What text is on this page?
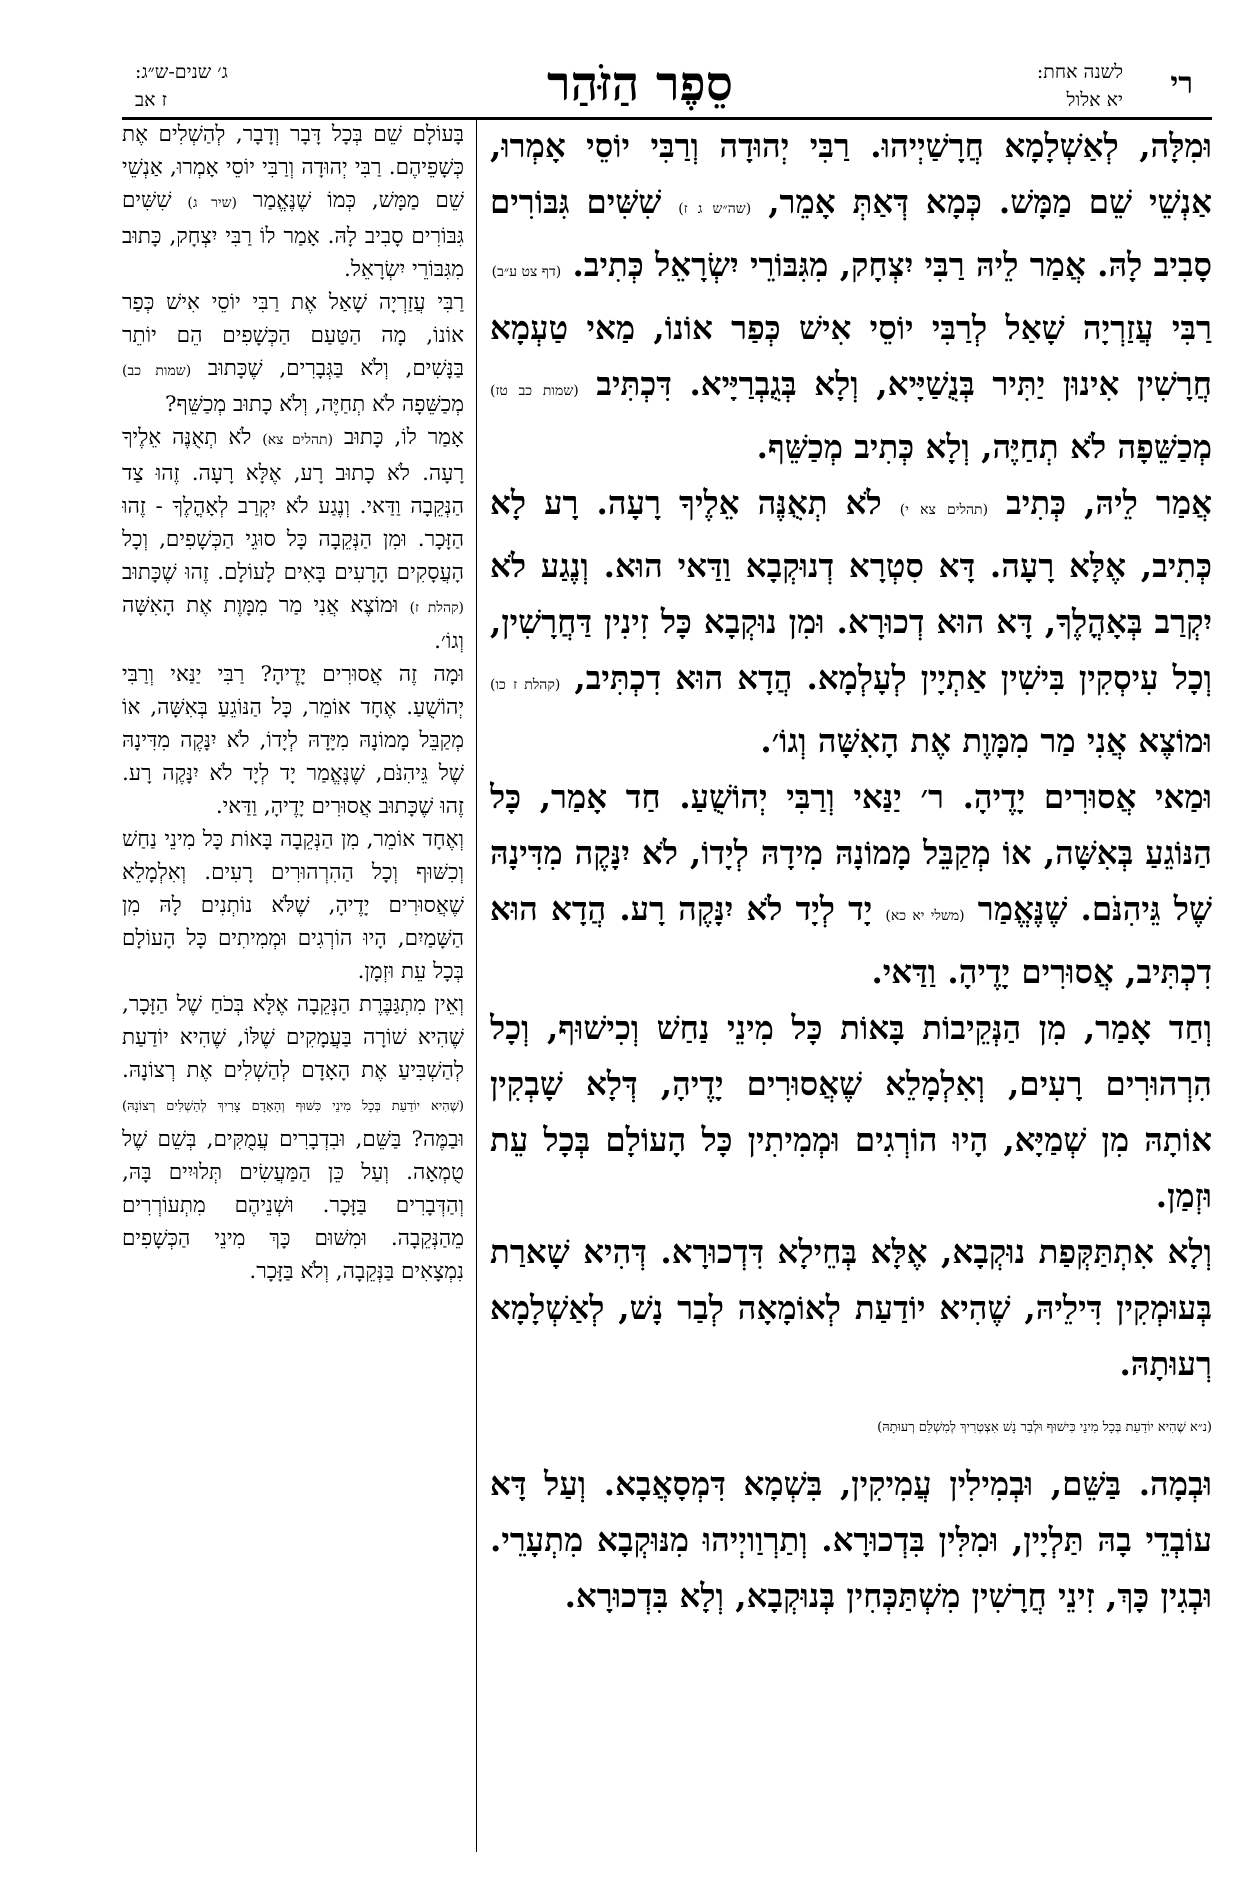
רי
לשנה אחת:
יא אלול
סֵפֶר הַזֹּהַר
ג׳ שנים-ש״ג:
ז אב

וּמִלָּה, לְאַשְׁלָמָא חֲרָשַׁיְיהוּ. רַבִּי יְהוּדָה וְרַבִּי יוֹסֵי אָמְרוּ, אַנְשֵׁי שֵׁם מַמָּשׁ. כְּמָא דְּאַתְּ אָמֵר, (שה״ש ג ז) שִׁשִּׁים גִּבּוֹרִים סָבִיב לָהּ. אֲמַר לֵיהּ רַבִּי יִצְחָק, מִגִּבּוֹרֵי יִשְׂרָאֵל כְּתִיב. (דף צט ע״ב)

רַבִּי עֲזַרְיָה שָׁאַל לְרַבִּי יוֹסֵי אִישׁ כְּפַר אוֹנוֹ, מַאי טַעְמָא חֲרָשִׁין אִינוּן יַתִּיר בְּנֻשַׁיָּיא, וְלָא בְּגֻבְרַיָּיא. דִּכְתִּיב (שמות כב טז) מְכַשֵּׁפָה לֹא תְחַיֶּה, וְלָא כְּתִיב מְכַשֵּׁף.

אֲמַר לֵיהּ, כְּתִיב (תהלים צא י) לֹא תְאֻנֶּה אֵלֶיךָ רָעָה. רָע לָא כְּתִיב, אֶלָּא רָעָה. דָּא סִטְרָא דְנוּקְבָא וַדַּאי הוּא. וְנֶגַע לֹא יִקְרַב בְּאָהֳלֶךָ, דָּא הוּא דְכוּרָא. וּמִן נוּקְבָא כָּל זִינִין דַּחֲרָשִׁין, וְכָל עִיסְקִין בִּישִׁין אַתְיָין לְעָלְמָא. הֲדָא הוּא דִכְתִּיב, (קהלת ז כו) וּמוֹצֶא אֲנִי מַר מִמָּוֶת אֶת הָאִשָּׁה וְגוֹ׳.

וּמַאי אֲסוּרִים יָדֶיהָ. ר׳ יַנַּאי וְרַבִּי יְהוֹשֻׁעַ. חַד אָמַר, כָּל הַנּוֹגֵעַ בְּאִשָּׁה, אוֹ מְקַבֵּל מָמוֹנָהּ מִידָהּ לְיָדוֹ, לֹא יִנָּקֶה מִדִּינָהּ שֶׁל גֵּיהִנֹּם. שֶׁנֶּאֱמַר (משלי יא כא) יָד לְיָד לֹא יִנָּקֶה רָע. הֲדָא הוּא דִכְתִּיב, אֲסוּרִים יָדֶיהָ. וַדַּאי.

וְחַד אָמַר, מִן הַנְּקֵיבוֹת בָּאוֹת כָּל מִינֵי נַחַשׁ וְכִישׁוּף, וְכָל הִרְהוּרִים רָעִים, וְאִלְמָלֵא שֶׁאֲסוּרִים יָדֶיהָ, דְּלָא שָׁבְקִין אוֹתָהּ מִן שְׁמַיָּא, הָיוּ הוֹרְגִים וּמְמִיתִין כָּל הָעוֹלָם בְּכָל עֵת וּזְמַן.

וְלָא אִתְתַּקְּפַת נוּקְבָא, אֶלָּא בְּחֵילָא דִּדְכוּרָא. דְּהִיא שָׁארַת בְּעוּמְקִין דִּילֵיהּ, שֶׁהִיא יוֹדַעַת לְאוֹמָאָה לְבַר נָשׁ, לְאַשְׁלָמָא רְעוּתָהּ.

(נ״א שֶׁהִיא יוֹדַעַת בְּכָל מִינֵי כִּישׁוּף וּלְבַר נָשׁ אִצְטְרִיךְ לְמִשְׁלַם רְעוּתָהּ)

וּבְמָה. בַּשֵּׁם, וּבְמִילִין עֲמִיקִין, בִּשְׁמָא דִּמְסָאֲבָא. וְעַל דָּא עוֹבְדֵי בָהּ תַּלְיָין, וּמִלִּין בִּדְכוּרָא. וְתַרְוַויְיהוּ מִנּוּקְבָא מִתְעָרֵי. וּבְגִין כָּךְ, זִינֵי חֲרָשִׁין מִשְׁתַּכְּחִין בְּנוּקְבָא, וְלָא בִּדְכוּרָא.

בָּעוֹלָם שֵׁם בְּכָל דָּבָר וְדָבָר, לְהַשְׁלִים אֶת כְּשָׁפֵיהֶם. רַבִּי יְהוּדָה וְרַבִּי יוֹסֵי אָמְרוּ, אַנְשֵׁי שֵׁם מַמָּשׁ, כְּמוֹ שֶׁנֶּאֱמַר (שיר ג) שִׁשִּׁים גִּבּוֹרִים סָבִיב לָהּ. אָמַר לוֹ רַבִּי יִצְחָק, כָּתוּב מִגִּבּוֹרֵי יִשְׂרָאֵל.

רַבִּי עֲזַרְיָה שָׁאַל אֶת רַבִּי יוֹסֵי אִישׁ כְּפַר אוֹנוֹ, מָה הַטַּעַם הַכְּשָׁפִים הֵם יוֹתֵר בַּנָּשִׁים, וְלֹא בַּגְּבָרִים, שֶׁכָּתוּב (שמות כב) מְכַשֵּׁפָה לֹא תְחַיֶּה, וְלֹא כָתוּב מְכַשֵּׁף?

אָמַר לוֹ, כָּתוּב (תהלים צא) לֹא תְאֻנֶּה אֵלֶיךָ רָעָה. לֹא כָתוּב רָע, אֶלָּא רָעָה. זֶהוּ צַד הַנְּקֵבָה וַדַּאי. וְנֶגַע לֹא יִקְרַב לְאָהֳלֶךָ - זֶהוּ הַזָּכָר. וּמִן הַנְּקֵבָה כָּל סוּגֵי הַכְּשָׁפִים, וְכָל הָעֲסָקִים הָרָעִים בָּאִים לָעוֹלָם. זֶהוּ שֶׁכָּתוּב (קהלת ז) וּמוֹצֶא אֲנִי מַר מִמָּוֶת אֶת הָאִשָּׁה וְגוֹ׳.

וּמָה זֶה אֲסוּרִים יָדֶיהָ? רַבִּי יַנַּאי וְרַבִּי יְהוֹשֻׁעַ. אֶחָד אוֹמֵר, כָּל הַנּוֹגֵעַ בְּאִשָּׁה, אוֹ מְקַבֵּל מָמוֹנָהּ מִיָּדָהּ לְיָדוֹ, לֹא יִנָּקֶה מִדִּינָהּ שֶׁל גֵּיהִנֹּם, שֶׁנֶּאֱמַר יָד לְיָד לֹא יִנָּקֶה רָע. זֶהוּ שֶׁכָּתוּב אֲסוּרִים יָדֶיהָ, וַדַּאי.

וְאֶחָד אוֹמֵר, מִן הַנְּקֵבָה בָּאוֹת כָּל מִינֵי נַחַשׁ וְכִשּׁוּף וְכָל הַהִרְהוּרִים רָעִים. וְאִלְמָלֵא שֶׁאֲסוּרִים יָדֶיהָ, שֶׁלֹּא נוֹתְנִים לָהּ מִן הַשָּׁמַיִם, הָיוּ הוֹרְגִים וּמְמִיתִים כָּל הָעוֹלָם בְּכָל עֵת וּזְמָן.

וְאֵין מִתְגַּבֶּרֶת הַנְּקֵבָה אֶלָּא בְּכֹחַ שֶׁל הַזָּכָר, שֶׁהִיא שׁוֹרָה בַּעֲמָקִים שֶׁלּוֹ, שֶׁהִיא יוֹדַעַת לְהַשְׁבִּיעַ אֶת הָאָדָם לְהַשְׁלִים אֶת רְצוֹנָהּ. (שֶׁהִיא יוֹדַעַת בְּכָל מִינֵי כִּשּׁוּף וְהָאָדָם צָרִיךְ לְהַשְׁלִים רְצוֹנָהּ) וּבַמֶּה? בַּשֵּׁם, וּבִדְבָרִים עֲמֻקִּים, בְּשֵׁם שֶׁל טֻמְאָה. וְעַל כֵּן הַמַּעֲשִׂים תְּלוּיִים בָּהּ, וְהַדְּבָרִים בַּזָּכָר. וּשְׁנֵיהֶם מִתְעוֹרְרִים מֵהַנְּקֵבָה. וּמִשּׁוּם כָּךְ מִינֵי הַכְּשָׁפִים נִמְצָאִים בַּנְּקֵבָה, וְלֹא בַּזָּכָר.
